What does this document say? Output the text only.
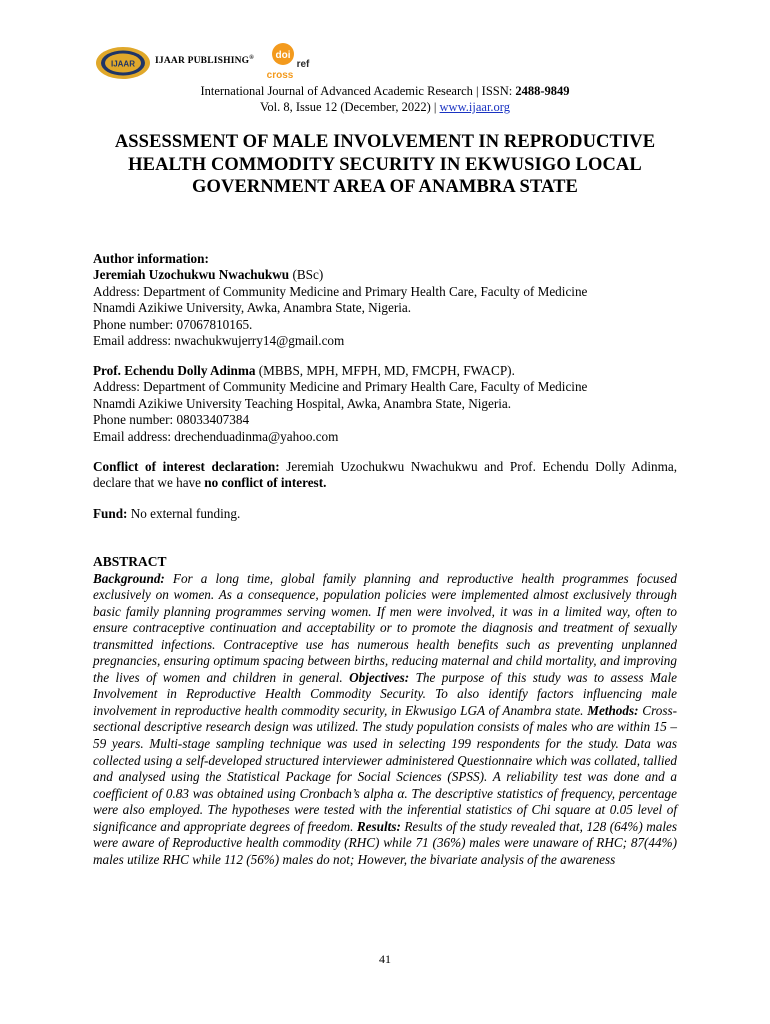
IJAAR IJAAR PUBLISHING® doi
ref
cross
International Journal of Advanced Academic Research | ISSN: 2488-9849
Vol. 8, Issue 12 (December, 2022) | www.ijaar.org
ASSESSMENT OF MALE INVOLVEMENT IN REPRODUCTIVE HEALTH COMMODITY SECURITY IN EKWUSIGO LOCAL GOVERNMENT AREA OF ANAMBRA STATE

Author information:

Jeremiah Uzochukwu Nwachukwu (BSc)

Address: Department of Community Medicine and Primary Health Care, Faculty of Medicine

Nnamdi Azikiwe University, Awka, Anambra State, Nigeria.

Phone number: 07067810165.

Email address: nwachukwujerry14@gmail.com

Prof. Echendu Dolly Adinma (MBBS, MPH, MFPH, MD, FMCPH, FWACP).

Address: Department of Community Medicine and Primary Health Care, Faculty of Medicine

Nnamdi Azikiwe University Teaching Hospital, Awka, Anambra State, Nigeria.

Phone number: 08033407384

Email address: drechenduadinma@yahoo.com

Conflict of interest declaration: Jeremiah Uzochukwu Nwachukwu and Prof. Echendu Dolly Adinma, declare that we have no conflict of interest.

Fund: No external funding.

ABSTRACT

Background: For a long time, global family planning and reproductive health programmes focused exclusively on women. As a consequence, population policies were implemented almost exclusively through basic family planning programmes serving women. If men were involved, it was in a limited way, often to ensure contraceptive continuation and acceptability or to promote the diagnosis and treatment of sexually transmitted infections. Contraceptive use has numerous health benefits such as preventing unplanned pregnancies, ensuring optimum spacing between births, reducing maternal and child mortality, and improving the lives of women and children in general. Objectives: The purpose of this study was to assess Male Involvement in Reproductive Health Commodity Security. To also identify factors influencing male involvement in reproductive health commodity security, in Ekwusigo LGA of Anambra state. Methods: Cross-sectional descriptive research design was utilized. The study population consists of males who are within 15 – 59 years. Multi-stage sampling technique was used in selecting 199 respondents for the study. Data was collected using a self-developed structured interviewer administered Questionnaire which was collated, tallied and analysed using the Statistical Package for Social Sciences (SPSS). A reliability test was done and a coefficient of 0.83 was obtained using Cronbach’s alpha α. The descriptive statistics of frequency, percentage were also employed. The hypotheses were tested with the inferential statistics of Chi square at 0.05 level of significance and appropriate degrees of freedom. Results: Results of the study revealed that, 128 (64%) males were aware of Reproductive health commodity (RHC) while 71 (36%) males were unaware of RHC; 87(44%) males utilize RHC while 112 (56%) males do not; However, the bivariate analysis of the awareness

41
